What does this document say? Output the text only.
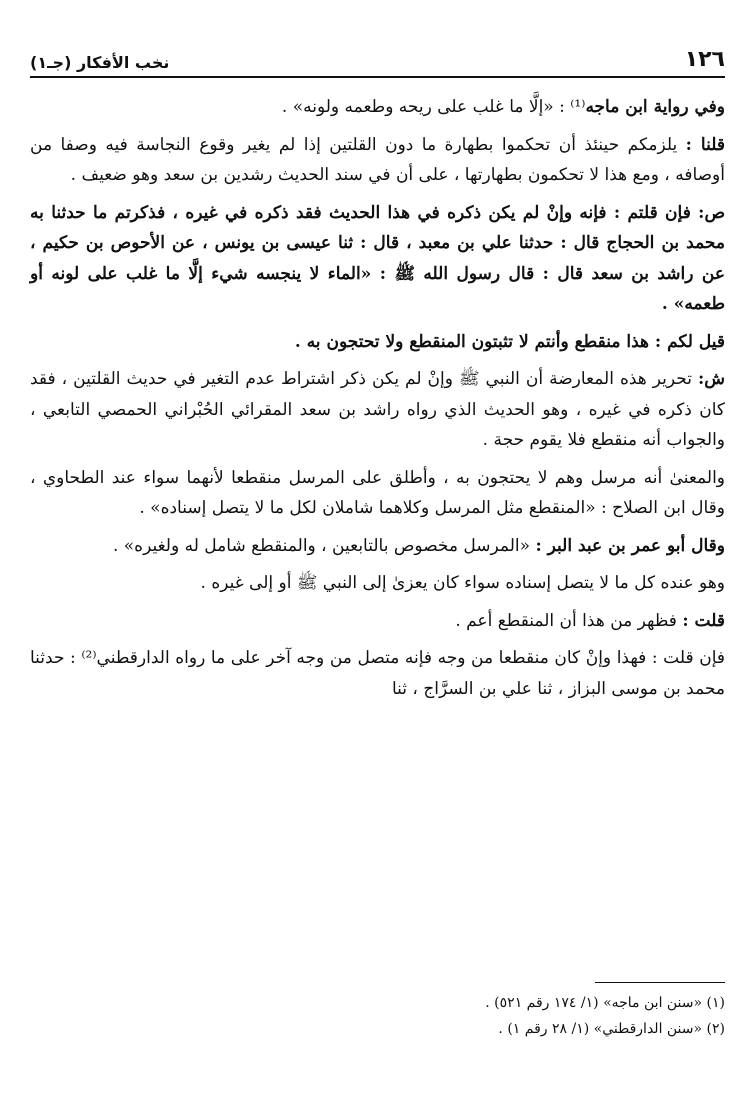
١٢٦
نخب الأفكار (جـ١)

وفي رواية ابن ماجه⁽¹⁾ : «إلَّا ما غلب على ريحه وطعمه ولونه» .

قلنا : يلزمكم حينئذ أن تحكموا بطهارة ما دون القلتين إذا لم يغير وقوع النجاسة فيه وصفا من أوصافه ، ومع هذا لا تحكمون بطهارتها ، على أن في سند الحديث رشدين بن سعد وهو ضعيف .

ص: فإن قلتم : فإنه وإنْ لم يكن ذكره في هذا الحديث فقد ذكره في غيره ، فذكرتم ما حدثنا به محمد بن الحجاج قال : حدثنا علي بن معبد ، قال : ثنا عيسى بن يونس ، عن الأحوص بن حكيم ، عن راشد بن سعد قال : قال رسول الله ﷺ : «الماء لا ينجسه شيء إلَّا ما غلب على لونه أو طعمه» .

قيل لكم : هذا منقطع وأنتم لا تثبتون المنقطع ولا تحتجون به .

ش: تحرير هذه المعارضة أن النبي ﷺ وإنْ لم يكن ذكر اشتراط عدم التغير في حديث القلتين ، فقد كان ذكره في غيره ، وهو الحديث الذي رواه راشد بن سعد المقرائي الحُبْراني الحمصي التابعي ، والجواب أنه منقطع فلا يقوم حجة .

والمعنىٰ أنه مرسل وهم لا يحتجون به ، وأطلق على المرسل منقطعا لأنهما سواء عند الطحاوي ، وقال ابن الصلاح : «المنقطع مثل المرسل وكلاهما شاملان لكل ما لا يتصل إسناده» .

وقال أبو عمر بن عبد البر : «المرسل مخصوص بالتابعين ، والمنقطع شامل له ولغيره» .

وهو عنده كل ما لا يتصل إسناده سواء كان يعزىٰ إلى النبي ﷺ أو إلى غيره .

قلت : فظهر من هذا أن المنقطع أعم .

فإن قلت : فهذا وإنْ كان منقطعا من وجه فإنه متصل من وجه آخر على ما رواه الدارقطني⁽²⁾ : حدثنا محمد بن موسى البزاز ، ثنا علي بن السرَّاج ، ثنا

(١) «سنن ابن ماجه» (١/ ١٧٤ رقم ٥٢١) .
(٢) «سنن الدارقطني» (١/ ٢٨ رقم ١) .
